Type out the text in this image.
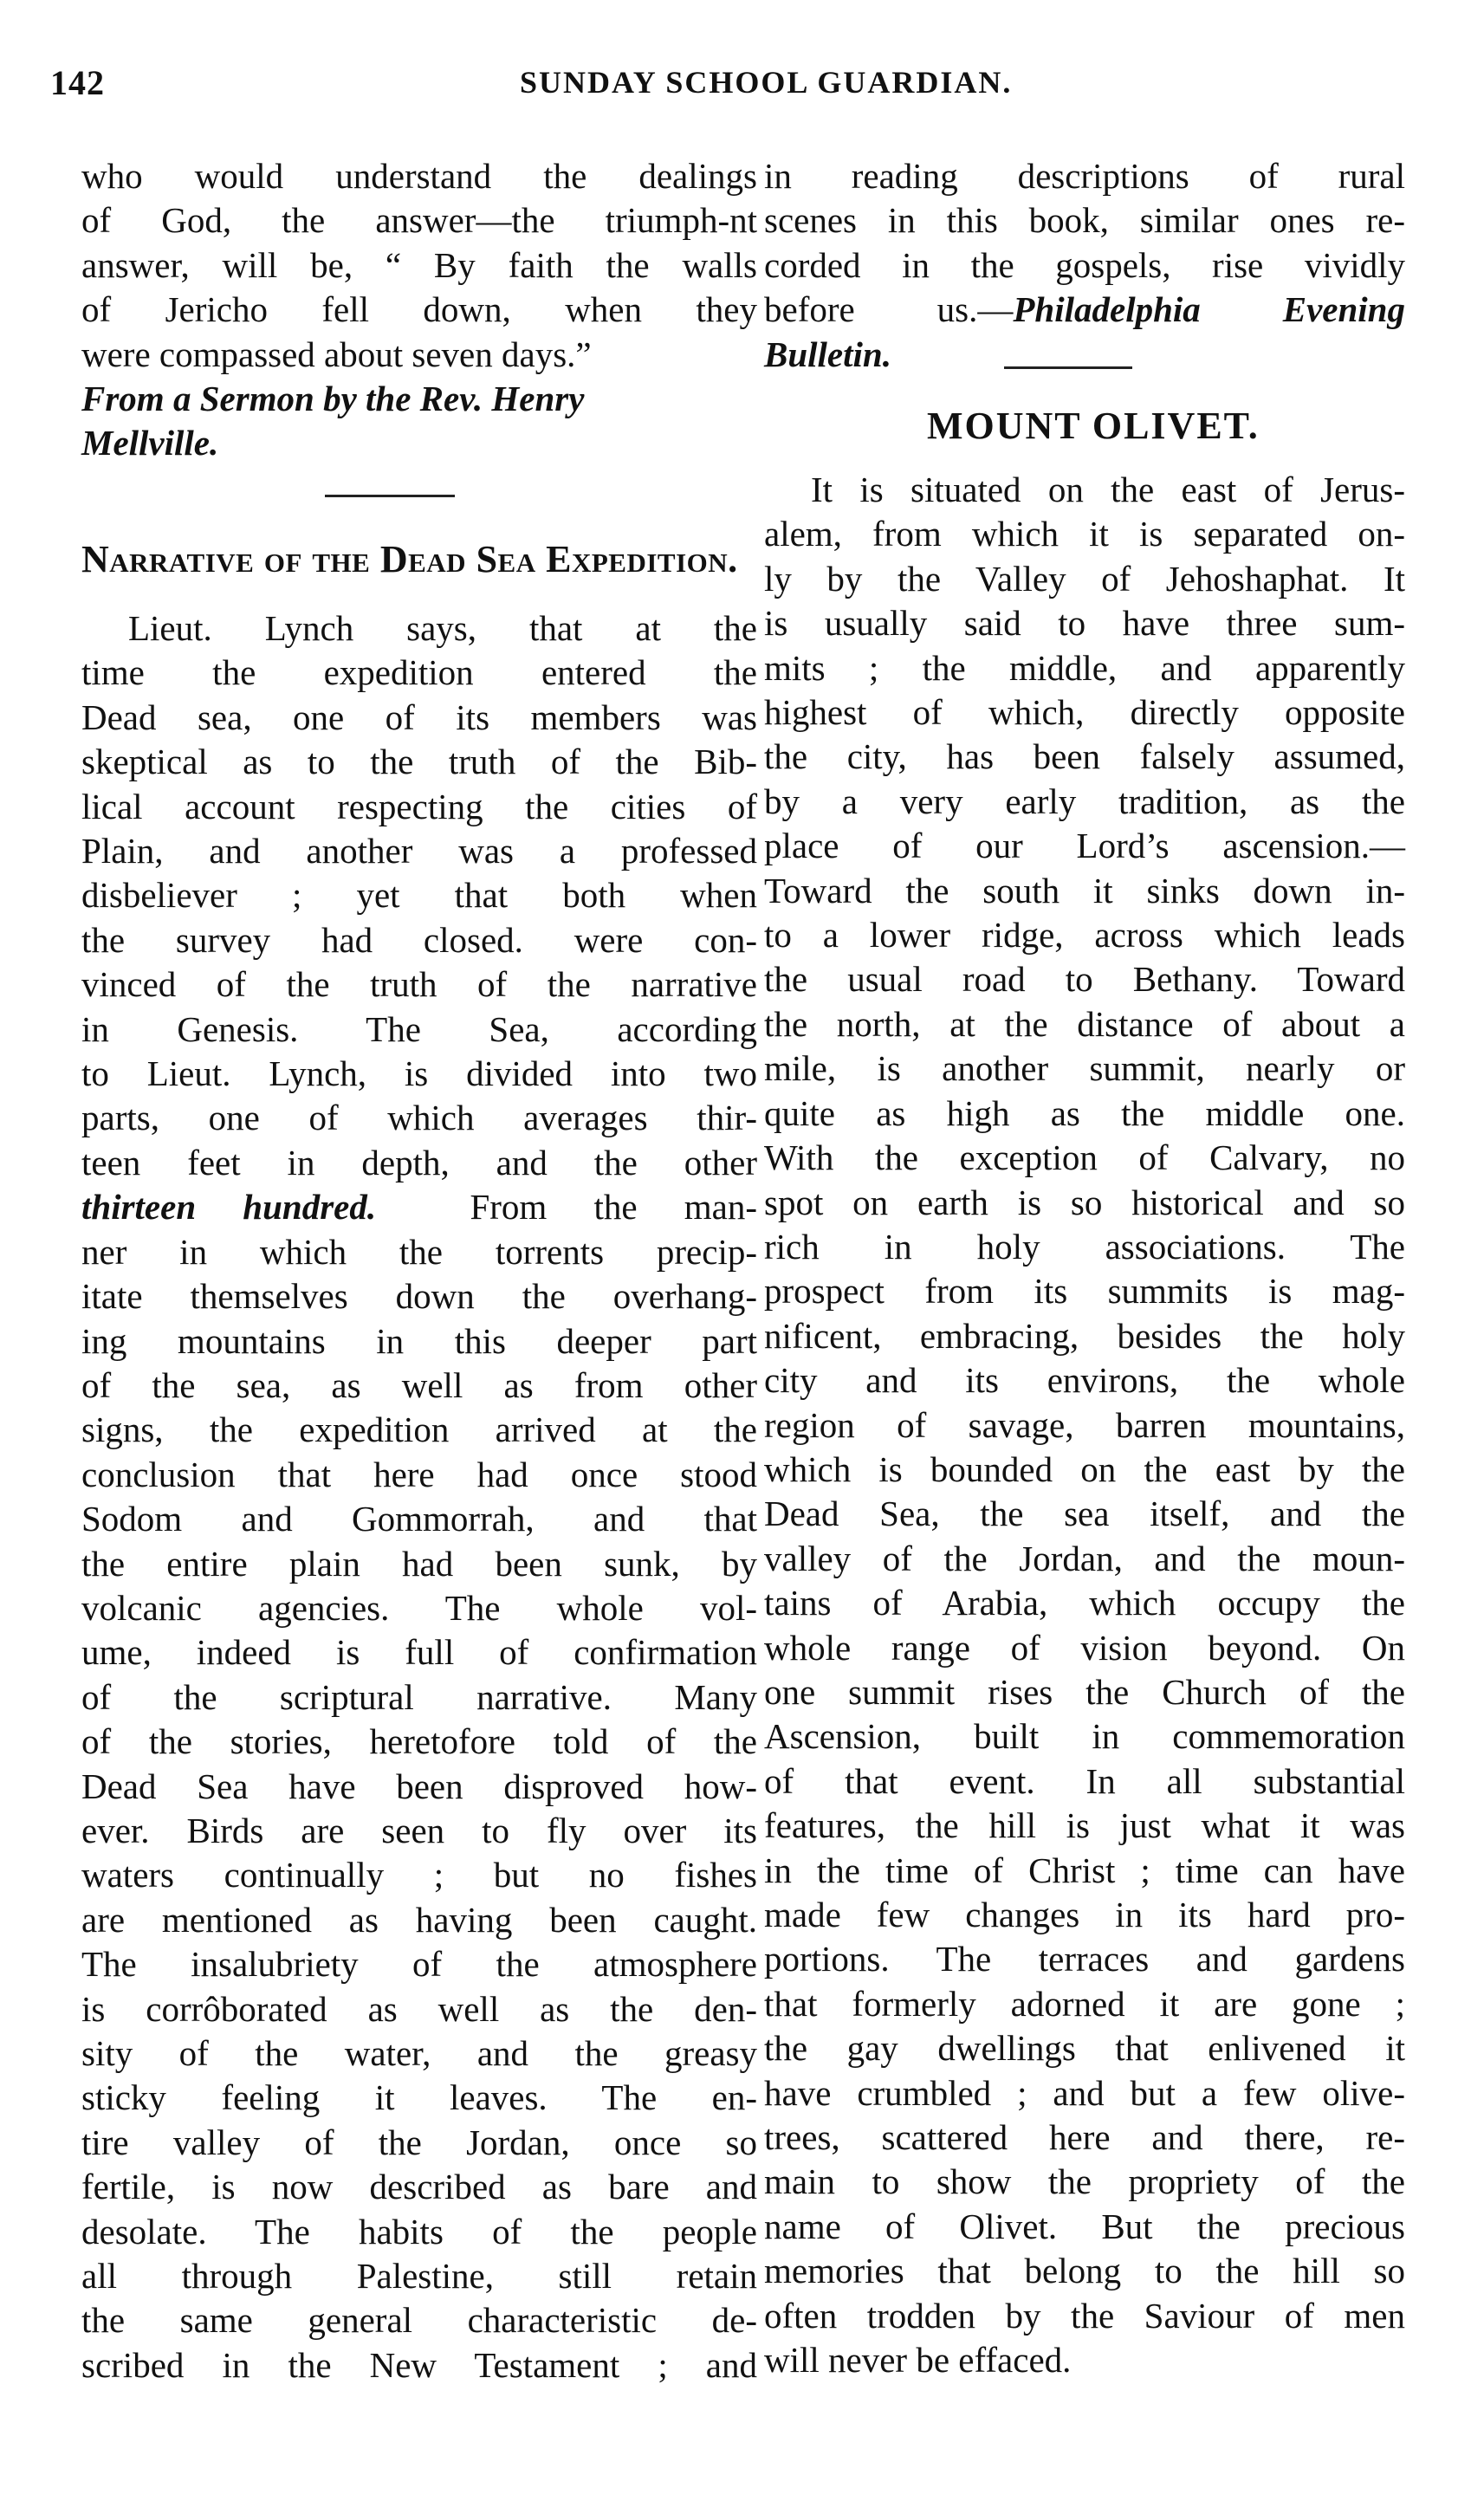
142	SUNDAY SCHOOL GUARDIAN.

who would understand the dealings

of God, the answer—the triumph‑nt

answer, will be, “ By faith the walls

of Jericho fell down, when they

were compassed about seven days.”

From a Sermon by the Rev. Henry

Mellville.

Narrative of the Dead Sea Expedition.

Lieut. Lynch says, that at the

time the expedition entered the

Dead sea, one of its members was

skeptical as to the truth of the Bib-

lical account respecting the cities of

Plain, and another was a professed

disbeliever ; yet that both when

the survey had closed. were con-

vinced of the truth of the narrative

in Genesis. The Sea, according

to Lieut. Lynch, is divided into two

parts, one of which averages thir-

teen feet in depth, and the other

thirteen hundred.	From the man-

ner in which the torrents precip-

itate themselves down the overhang-

ing mountains in this deeper part

of the sea, as well as from other

signs, the expedition arrived at the

conclusion that here had once stood

Sodom and Gommorrah, and that

the entire plain had been sunk, by

volcanic agencies. The whole vol-

ume, indeed is full of confirmation

of the scriptural narrative. Many

of the stories, heretofore told of the

Dead Sea have been disproved how-

ever. Birds are seen to fly over its

waters continually ; but no fishes

are mentioned as having been caught.

The insalubriety of the atmosphere

is corrôborated as well as the den-

sity of the water, and the greasy

sticky feeling it leaves. The en-

tire valley of the Jordan, once so

fertile, is now described as bare and

desolate. The habits of the people

all through Palestine, still retain

the same general characteristic de-

scribed in the New Testament ; and

in reading descriptions of rural

scenes in this book, similar ones re-

corded in the gospels, rise vividly

before us.—Philadelphia Evening

Bulletin.

MOUNT OLIVET.

It is situated on the east of Jerus-

alem, from which it is separated on-

ly by the Valley of Jehoshaphat. It

is usually said to have three sum-

mits ; the middle, and apparently

highest of which, directly opposite

the city, has been falsely assumed,

by a very early tradition, as the

place of our Lord’s ascension.—

Toward the south it sinks down in-

to a lower ridge, across which leads

the usual road to Bethany. Toward

the north, at the distance of about a

mile, is another summit, nearly or

quite as high as the middle one.

With the exception of Calvary, no

spot on earth is so historical and so

rich in holy associations. The

prospect from its summits is mag-

nificent, embracing, besides the holy

city and its environs, the whole

region of savage, barren mountains,

which is bounded on the east by the

Dead Sea, the sea itself, and the

valley of the Jordan, and the moun-

tains of Arabia, which occupy the

whole range of vision beyond. On

one summit rises the Church of the

Ascension, built in commemoration

of that event. In all substantial

features, the hill is just what it was

in the time of Christ ; time can have

made few changes in its hard pro-

portions. The terraces and gardens

that formerly adorned it are gone ;

the gay dwellings that enlivened it

have crumbled ; and but a few olive-

trees, scattered here and there, re-

main to show the propriety of the

name of Olivet. But the precious

memories that belong to the hill so

often trodden by the Saviour of men

will never be effaced.
